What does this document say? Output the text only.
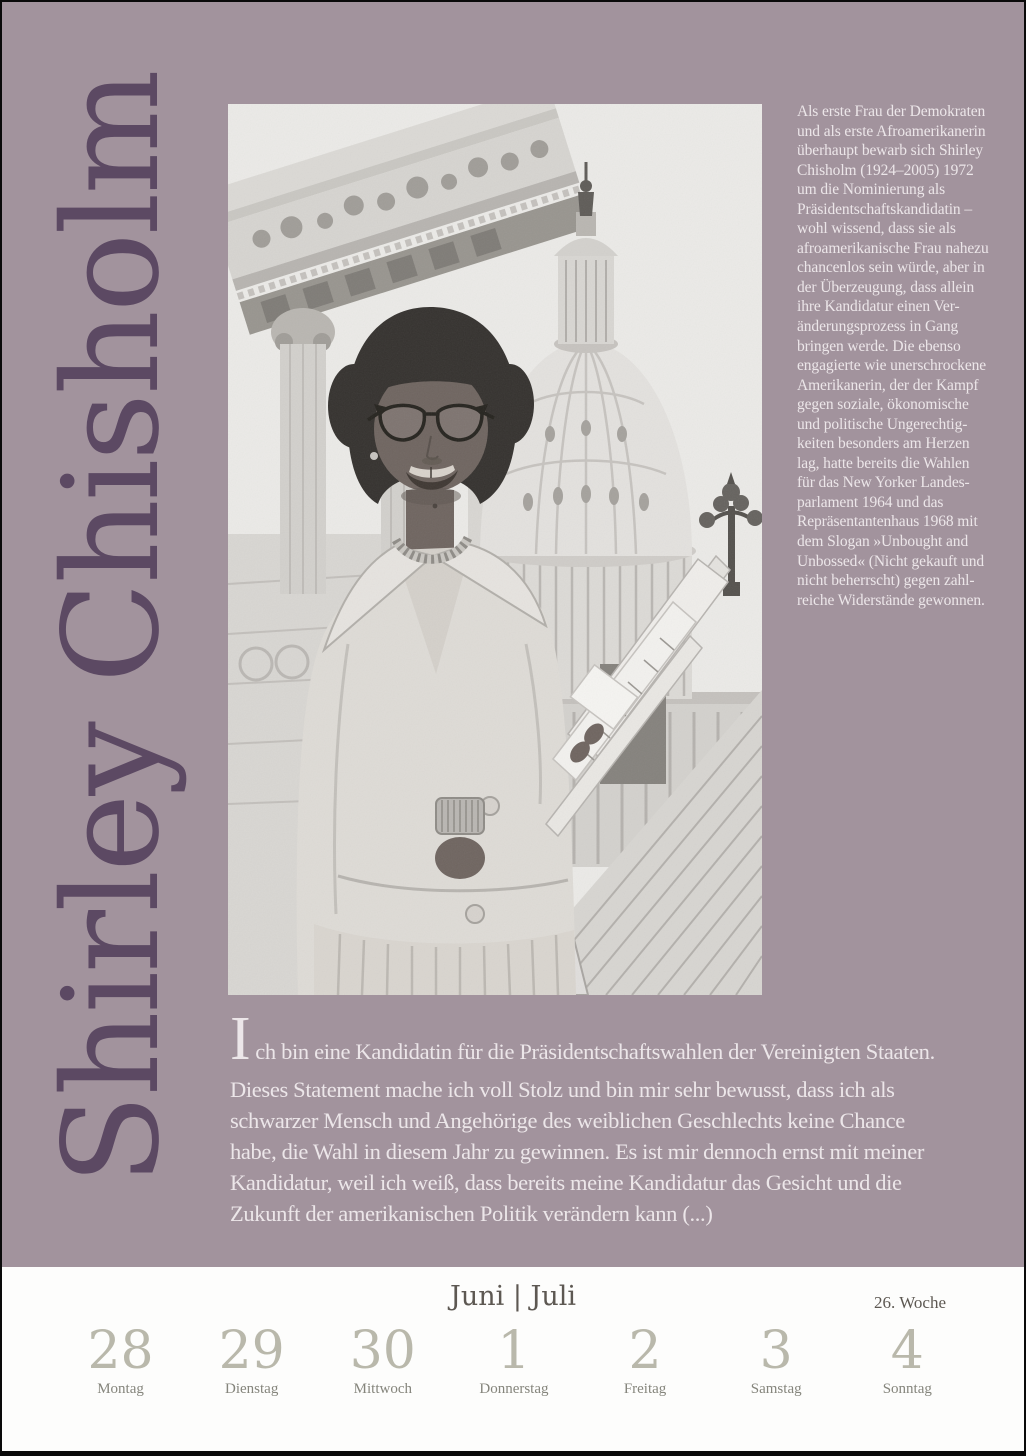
Shirley Chisholm	Als erste Frau der Demokraten
und als erste Afroamerikanerin
überhaupt bewarb sich Shirley
Chisholm (1924–2005) 1972
um die Nominierung als
Präsidentschaftskandidatin –
wohl wissend, dass sie als
afroamerikanische Frau nahezu
chancenlos sein würde, aber in
der Überzeugung, dass allein
ihre Kandidatur einen Ver-
änderungsprozess in Gang
bringen werde. Die ebenso
engagierte wie unerschrockene
Amerikanerin, der der Kampf
gegen soziale, ökonomische
und politische Ungerechtig-
keiten besonders am Herzen
lag, hatte bereits die Wahlen
für das New Yorker Landes-
parlament 1964 und das
Repräsentantenhaus 1968 mit
dem Slogan »Unbought and
Unbossed« (Nicht gekauft und
nicht beherrscht) gegen zahl-
reiche Widerstände gewonnen.
Ich bin eine Kandidatin für die Präsidentschaftswahlen der Vereinigten Staaten.
Dieses Statement mache ich voll Stolz und bin mir sehr bewusst, dass ich als
schwarzer Mensch und Angehörige des weiblichen Geschlechts keine Chance
habe, die Wahl in diesem Jahr zu gewinnen. Es ist mir dennoch ernst mit meiner
Kandidatur, weil ich weiß, dass bereits meine Kandidatur das Gesicht und die
Zukunft der amerikanischen Politik verändern kann (...)
Juni | Juli	26. Woche
28
Montag
29
Dienstag
30
Mittwoch
1
Donnerstag
2
Freitag
3
Samstag
4
Sonntag
